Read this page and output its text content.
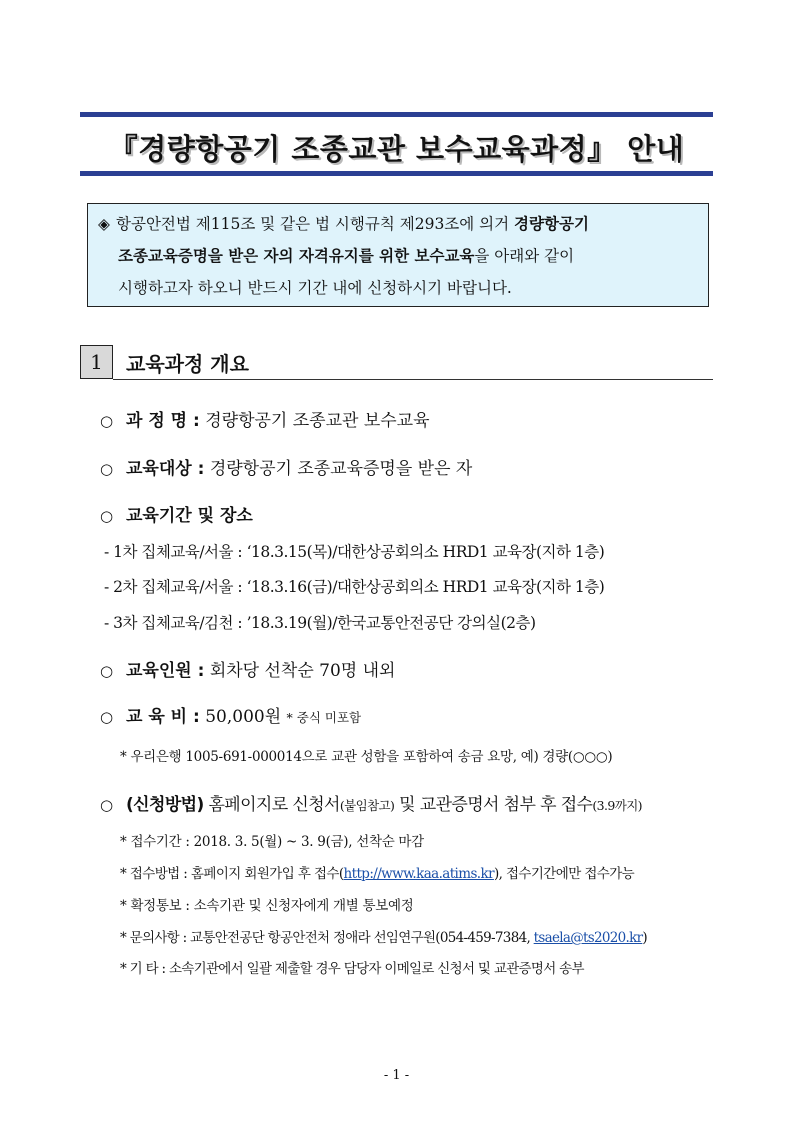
『경량항공기 조종교관 보수교육과정』 안내
◈ 항공안전법 제115조 및 같은 법 시행규칙 제293조에 의거 경량항공기
조종교육증명을 받은 자의 자격유지를 위한 보수교육을 아래와 같이
시행하고자 하오니 반드시 기간 내에 신청하시기 바랍니다.
1	교육과정 개요
○ 과 정 명 : 경량항공기 조종교관 보수교육
○ 교육대상 : 경량항공기 조종교육증명을 받은 자
○ 교육기간 및 장소
- 1차 집체교육/서울 : ‘18.3.15(목)/대한상공회의소 HRD1 교육장(지하 1층)
- 2차 집체교육/서울 : ‘18.3.16(금)/대한상공회의소 HRD1 교육장(지하 1층)
- 3차 집체교육/김천 : ’18.3.19(월)/한국교통안전공단 강의실(2층)
○ 교육인원 : 회차당 선착순 70명 내외
○ 교 육 비 : 50,000원 * 중식 미포함
* 우리은행 1005-691-000014으로 교관 성함을 포함하여 송금 요망, 예) 경량(○○○)
○ (신청방법) 홈페이지로 신청서(붙임참고) 및 교관증명서 첨부 후 접수(3.9까지)
* 접수기간 : 2018. 3. 5(월) ~ 3. 9(금), 선착순 마감
* 접수방법 : 홈페이지 회원가입 후 접수(http://www.kaa.atims.kr), 접수기간에만 접수가능
* 확정통보 : 소속기관 및 신청자에게 개별 통보예정
* 문의사항 : 교통안전공단 항공안전처 정애라 선임연구원(054-459-7384, tsaela@ts2020.kr)
* 기 타 : 소속기관에서 일괄 제출할 경우 담당자 이메일로 신청서 및 교관증명서 송부
- 1 -
